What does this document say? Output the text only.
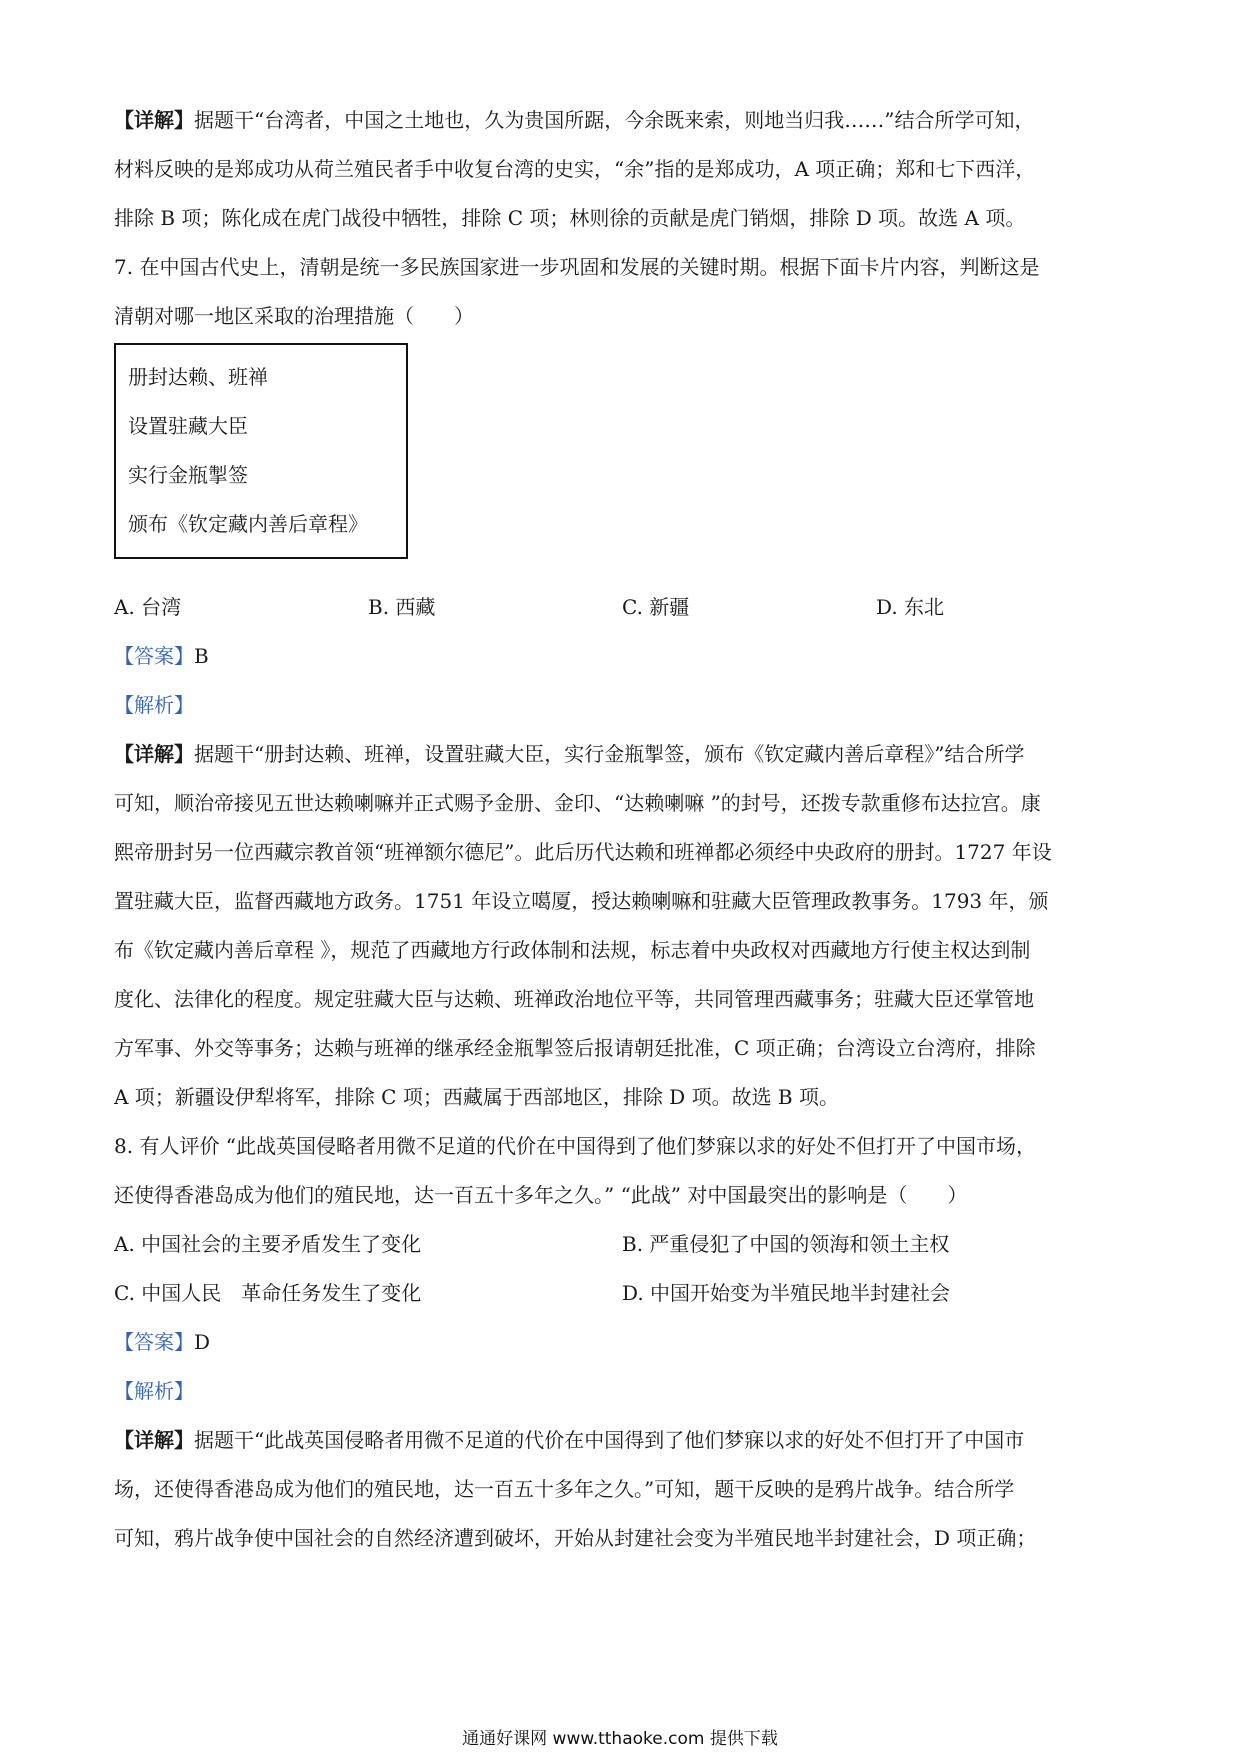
【详解】据题干“台湾者，中国之土地也，久为贵国所踞，今余既来索，则地当归我……”结合所学可知，
材料反映的是郑成功从荷兰殖民者手中收复台湾的史实，“余”指的是郑成功，A 项正确；郑和七下西洋，
排除 B 项；陈化成在虎门战役中牺牲，排除 C 项；林则徐的贡献是虎门销烟，排除 D 项。故选 A 项。
7. 在中国古代史上，清朝是统一多民族国家进一步巩固和发展的关键时期。根据下面卡片内容，判断这是
清朝对哪一地区采取的治理措施（　　）
册封达赖、班禅
设置驻藏大臣
实行金瓶掣签
颁布《钦定藏内善后章程》
A. 台湾	B. 西藏	C. 新疆	D. 东北
【答案】B
【解析】
【详解】据题干“册封达赖、班禅，设置驻藏大臣，实行金瓶掣签，颁布《钦定藏内善后章程》”结合所学
可知，顺治帝接见五世达赖喇嘛并正式赐予金册、金印、“达赖喇嘛 ”的封号，还拨专款重修布达拉宫。康
熙帝册封另一位西藏宗教首领“班禅额尔德尼”。此后历代达赖和班禅都必须经中央政府的册封。1727 年设
置驻藏大臣，监督西藏地方政务。1751 年设立噶厦，授达赖喇嘛和驻藏大臣管理政教事务。1793 年，颁
布《钦定藏内善后章程 》，规范了西藏地方行政体制和法规，标志着中央政权对西藏地方行使主权达到制
度化、法律化的程度。规定驻藏大臣与达赖、班禅政治地位平等，共同管理西藏事务；驻藏大臣还掌管地
方军事、外交等事务；达赖与班禅的继承经金瓶掣签后报请朝廷批准，C 项正确；台湾设立台湾府，排除
A 项；新疆设伊犁将军，排除 C 项；西藏属于西部地区，排除 D 项。故选 B 项。
8. 有人评价 “此战英国侵略者用微不足道的代价在中国得到了他们梦寐以求的好处不但打开了中国市场，
还使得香港岛成为他们的殖民地，达一百五十多年之久。” “此战” 对中国最突出的影响是（　　）
A. 中国社会的主要矛盾发生了变化	B. 严重侵犯了中国的领海和领土主权
C. 中国人民　革命任务发生了变化	D. 中国开始变为半殖民地半封建社会
【答案】D
【解析】
【详解】据题干“此战英国侵略者用微不足道的代价在中国得到了他们梦寐以求的好处不但打开了中国市
场，还使得香港岛成为他们的殖民地，达一百五十多年之久。”可知，题干反映的是鸦片战争。结合所学
可知，鸦片战争使中国社会的自然经济遭到破坏，开始从封建社会变为半殖民地半封建社会，D 项正确；
通通好课网 www.tthaoke.com 提供下载
